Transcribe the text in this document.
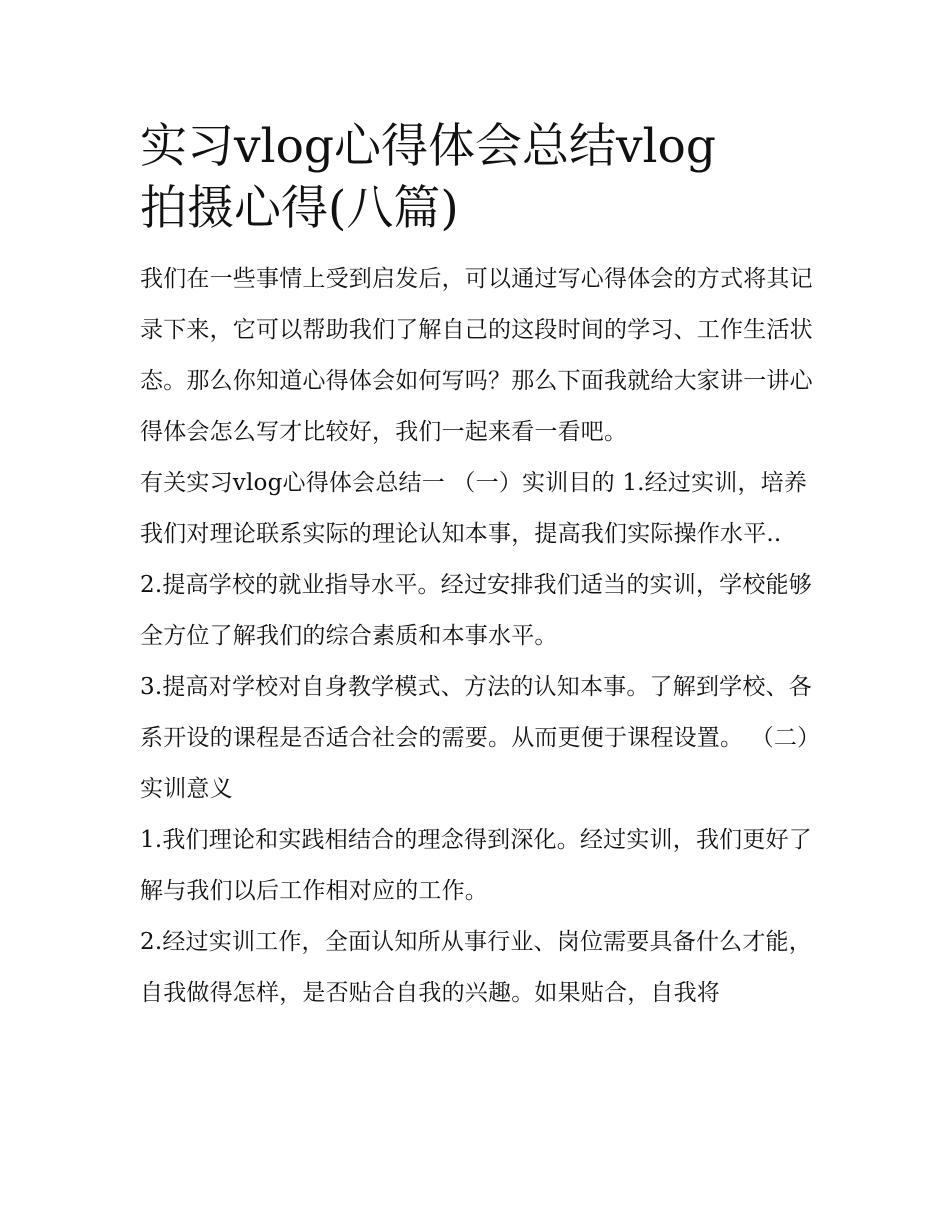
实习vlog心得体会总结vlog
拍摄心得(八篇)

我们在一些事情上受到启发后，可以通过写心得体会的方式将其记录下来，它可以帮助我们了解自己的这段时间的学习、工作生活状态。那么你知道心得体会如何写吗？那么下面我就给大家讲一讲心得体会怎么写才比较好，我们一起来看一看吧。

有关实习vlog心得体会总结一 （一）实训目的 1.经过实训，培养我们对理论联系实际的理论认知本事，提高我们实际操作水平..

2.提高学校的就业指导水平。经过安排我们适当的实训，学校能够全方位了解我们的综合素质和本事水平。

3.提高对学校对自身教学模式、方法的认知本事。了解到学校、各系开设的课程是否适合社会的需要。从而更便于课程设置。 （二）实训意义

1.我们理论和实践相结合的理念得到深化。经过实训，我们更好了解与我们以后工作相对应的工作。

2.经过实训工作，全面认知所从事行业、岗位需要具备什么才能，自我做得怎样，是否贴合自我的兴趣。如果贴合，自我将
